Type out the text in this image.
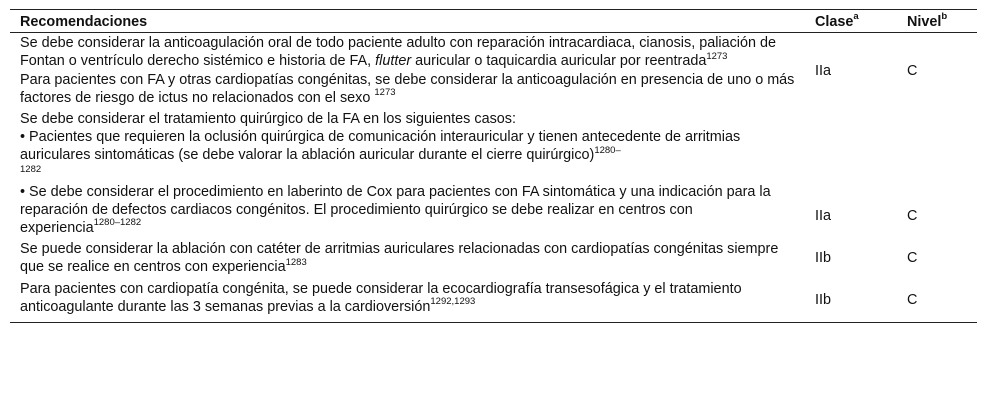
Recomendaciones	Clase$^a$	Nivel$^b$

Se debe considerar la anticoagulación oral de todo paciente adulto con reparación intracardiaca, cianosis, paliación de Fontan o ventrículo derecho sistémico e historia de FA, flutter auricular o taquicardia auricular por reentrada$^{1273}$
Para pacientes con FA y otras cardiopatías congénitas, se debe considerar la anticoagulación en presencia de uno o más factores de riesgo de ictus no relacionados con el sexo $^{1273}$	IIa	C

Se debe considerar el tratamiento quirúrgico de la FA en los siguientes casos:
• Pacientes que requieren la oclusión quirúrgica de comunicación interauricular y tienen antecedente de arritmias auriculares sintomáticas (se debe valorar la ablación auricular durante el cierre quirúrgico)$^{1280-}$
1282
• Se debe considerar el procedimiento en laberinto de Cox para pacientes con FA sintomática y una indicación para la reparación de defectos cardiacos congénitos. El procedimiento quirúrgico se debe realizar en centros con experiencia$^{1280-1282}$	IIa	C
Se puede considerar la ablación con catéter de arritmias auriculares relacionadas con cardiopatías congénitas siempre que se realice en centros con experiencia$^{1283}$	IIb	C
Para pacientes con cardiopatía congénita, se puede considerar la ecocardiografía transesofágica y el tratamiento anticoagulante durante las 3 semanas previas a la cardioversión$^{1292,1293}$	IIb	C
